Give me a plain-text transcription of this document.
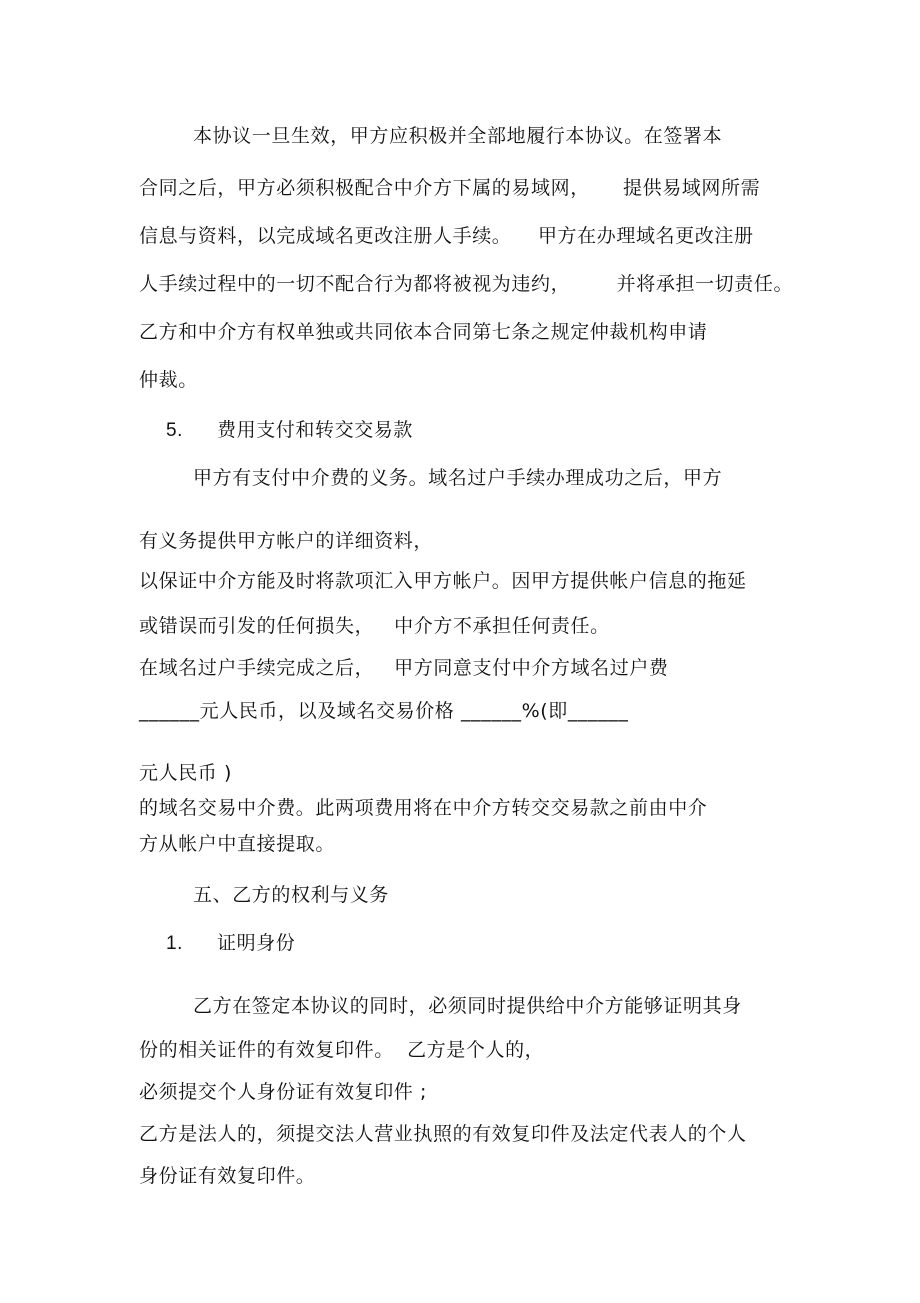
本协议一旦生效，甲方应积极并全部地履行本协议。在签署本
合同之后，甲方必须积极配合中介方下属的易域网，     提供易域网所需
信息与资料，以完成域名更改注册人手续。    甲方在办理域名更改注册
人手续过程中的一切不配合行为都将被视为违约，       并将承担一切责任。
乙方和中介方有权单独或共同依本合同第七条之规定仲裁机构申请
仲裁。
5. 费用支付和转交交易款
甲方有支付中介费的义务。域名过户手续办理成功之后，甲方
有义务提供甲方帐户的详细资料，
以保证中介方能及时将款项汇入甲方帐户。因甲方提供帐户信息的拖延
或错误而引发的任何损失，   中介方不承担任何责任。
在域名过户手续完成之后，   甲方同意支付中介方域名过户费
______元人民币，以及域名交易价格 ______%(即______
元人民币 )
的域名交易中介费。此两项费用将在中介方转交交易款之前由中介
方从帐户中直接提取。
五、乙方的权利与义务
1. 证明身份
乙方在签定本协议的同时，必须同时提供给中介方能够证明其身
份的相关证件的有效复印件。  乙方是个人的，
必须提交个人身份证有效复印件 ;
乙方是法人的，须提交法人营业执照的有效复印件及法定代表人的个人
身份证有效复印件。
